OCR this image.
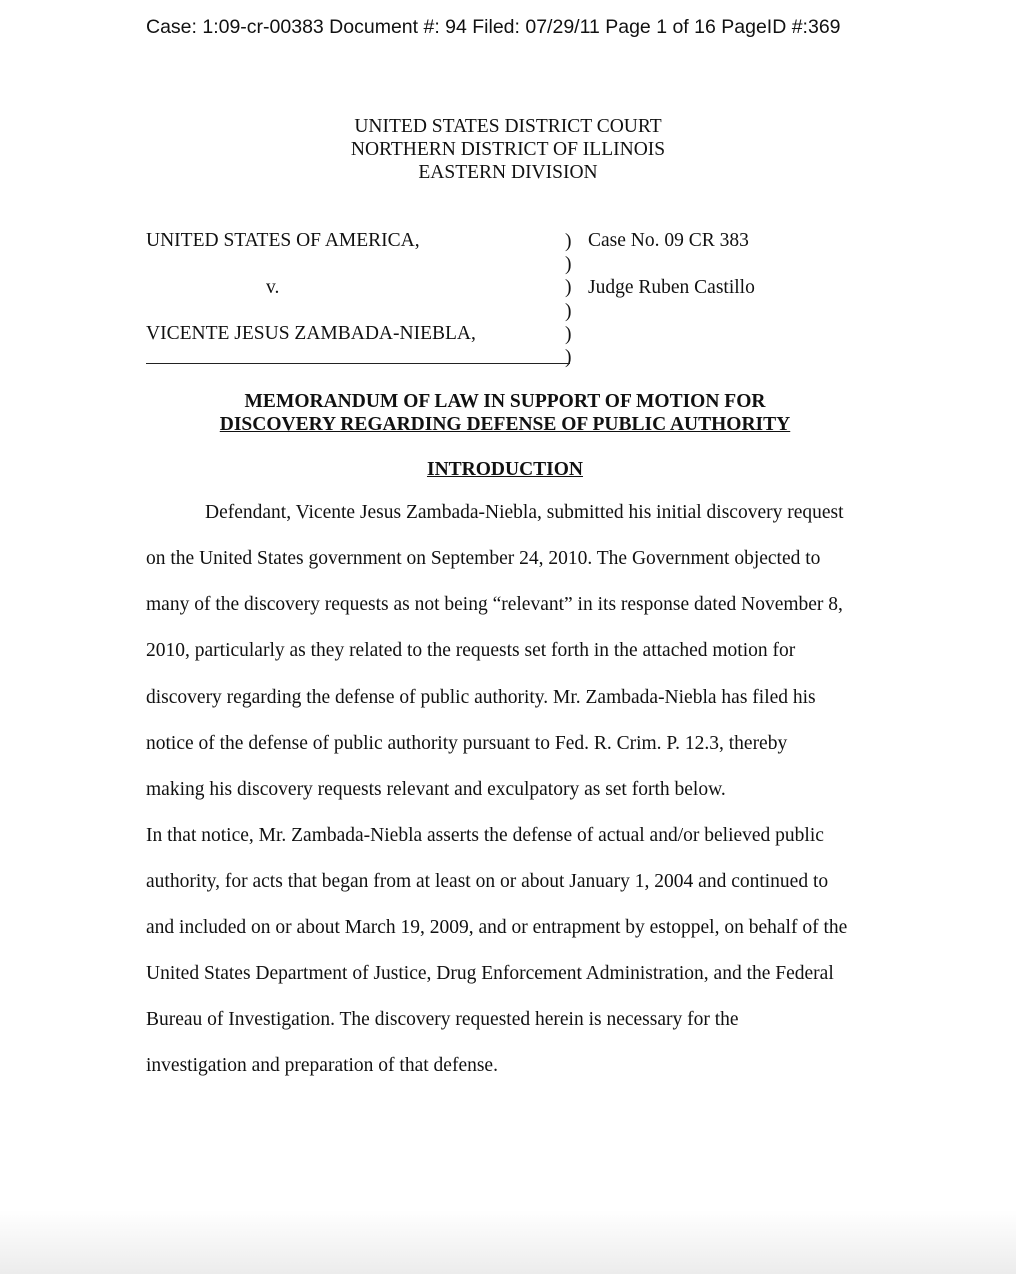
Case: 1:09-cr-00383 Document #: 94 Filed: 07/29/11 Page 1 of 16 PageID #:369
UNITED STATES DISTRICT COURT
NORTHERN DISTRICT OF ILLINOIS
EASTERN DIVISION
UNITED STATES OF AMERICA,
v.
VICENTE JESUS ZAMBADA-NIEBLA,
Case No. 09 CR 383
Judge Ruben Castillo
)
)
)
)
)
)
MEMORANDUM OF LAW IN SUPPORT OF MOTION FOR
DISCOVERY REGARDING DEFENSE OF PUBLIC AUTHORITY
INTRODUCTION
Defendant, Vicente Jesus Zambada-Niebla, submitted his initial discovery request
on the United States government on September 24, 2010. The Government objected to
many of the discovery requests as not being “relevant” in its response dated November 8,
2010, particularly as they related to the requests set forth in the attached motion for
discovery regarding the defense of public authority. Mr. Zambada-Niebla has filed his
notice of the defense of public authority pursuant to Fed. R. Crim. P. 12.3, thereby
making his discovery requests relevant and exculpatory as set forth below.
In that notice, Mr. Zambada-Niebla asserts the defense of actual and/or believed public
authority, for acts that began from at least on or about January 1, 2004 and continued to
and included on or about March 19, 2009, and or entrapment by estoppel, on behalf of the
United States Department of Justice, Drug Enforcement Administration, and the Federal
Bureau of Investigation. The discovery requested herein is necessary for the
investigation and preparation of that defense.
